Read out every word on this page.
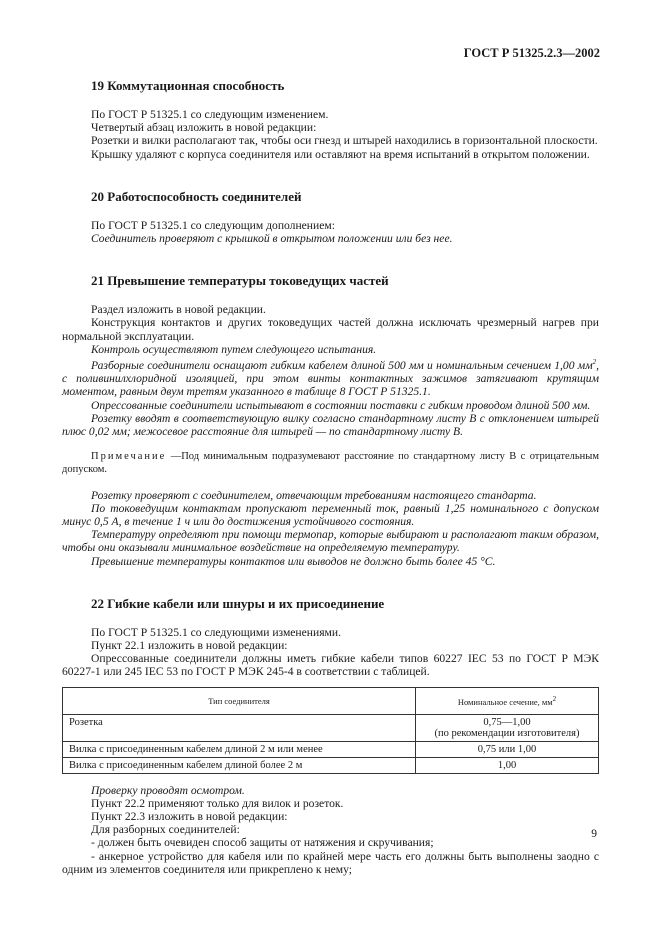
ГОСТ Р 51325.2.3—2002
19 Коммутационная способность

По ГОСТ Р 51325.1 со следующим изменением.

Четвертый абзац изложить в новой редакции:

Розетки и вилки располагают так, чтобы оси гнезд и штырей находились в горизонтальной плоскости.

Крышку удаляют с корпуса соединителя или оставляют на время испытаний в открытом положении.

20 Работоспособность соединителей

По ГОСТ Р 51325.1 со следующим дополнением:

Соединитель проверяют с крышкой в открытом положении или без нее.

21 Превышение температуры токоведущих частей

Раздел изложить в новой редакции.

Конструкция контактов и других токоведущих частей должна исключать чрезмерный нагрев при нормальной эксплуатации.

Контроль осуществляют путем следующего испытания.

Разборные соединители оснащают гибким кабелем длиной 500 мм и номинальным сечением 1,00 $мм^2$, с поливинилхлоридной изоляцией, при этом винты контактных зажимов затягивают крутящим моментом, равным двум третям указанного в таблице 8 ГОСТ Р 51325.1.

Опрессованные соединители испытывают в состоянии поставки с гибким проводом длиной 500 мм.

Розетку вводят в соответствующую вилку согласно стандартному листу В с отклонением штырей плюс 0,02 мм; межосевое расстояние для штырей — по стандартному листу В.

Примечание —Под минимальным подразумевают расстояние по стандартному листу В с отрицательным допуском.

Розетку проверяют с соединителем, отвечающим требованиям настоящего стандарта.

По токоведущим контактам пропускают переменный ток, равный 1,25 номинального с допуском минус 0,5 А, в течение 1 ч или до достижения устойчивого состояния.

Температуру определяют при помощи термопар, которые выбирают и располагают таким образом, чтобы они оказывали минимальное воздействие на определяемую температуру.

Превышение температуры контактов или выводов не должно быть более 45 °С.

22 Гибкие кабели или шнуры и их присоединение

По ГОСТ Р 51325.1 со следующими изменениями.

Пункт 22.1 изложить в новой редакции:

Опрессованные соединители должны иметь гибкие кабели типов 60227 IEC 53 по ГОСТ Р МЭК 60227-1 или 245 IEC 53 по ГОСТ Р МЭК 245-4 в соответствии с таблицей.

Тип соединителя	Номинальное сечение, $мм^2$
Розетка	0,75—1,00
(по рекомендации изготовителя)

Вилка с присоединенным кабелем длиной 2 м или менее	0,75 или 1,00
Вилка с присоединенным кабелем длиной более 2 м	1,00

Проверку проводят осмотром.

Пункт 22.2 применяют только для вилок и розеток.

Пункт 22.3 изложить в новой редакции:

Для разборных соединителей:

- должен быть очевиден способ защиты от натяжения и скручивания;

- анкерное устройство для кабеля или по крайней мере часть его должны быть выполнены заодно с одним из элементов соединителя или прикреплено к нему;

9
